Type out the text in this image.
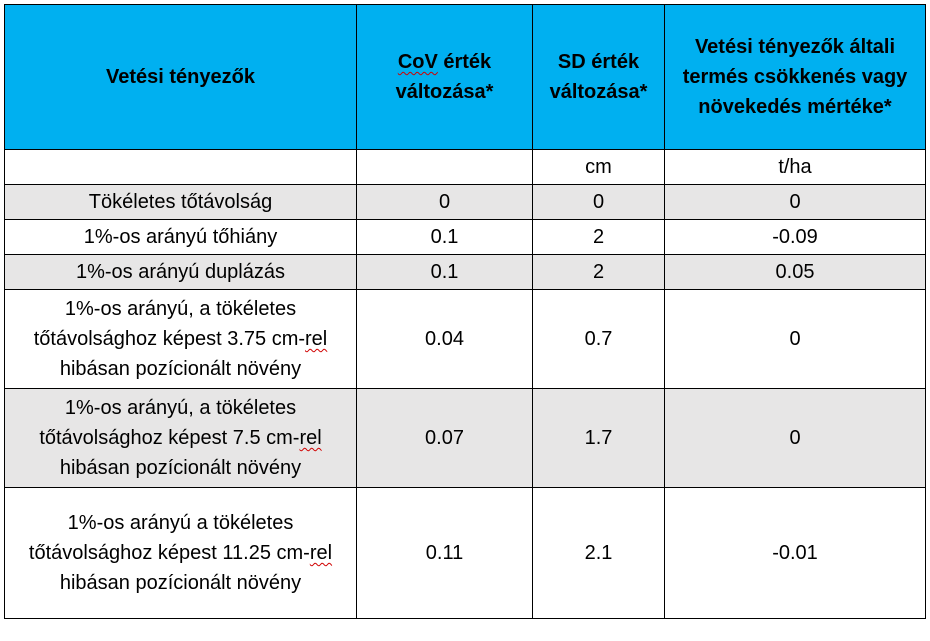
Vetési tényezők	CoV érték változása*	SD érték változása*	Vetési tényezők általi termés csökkenés vagy növekedés mértéke*
		cm	t/ha
Tökéletes tőtávolság	0	0	0
1%-os arányú tőhiány	0.1	2	-0.09
1%-os arányú duplázás	0.1	2	0.05
1%-os arányú, a tökéletes tőtávolsághoz képest 3.75 cm-rel hibásan pozícionált növény	0.04	0.7	0
1%-os arányú, a tökéletes tőtávolsághoz képest 7.5 cm-rel hibásan pozícionált növény	0.07	1.7	0
1%-os arányú a tökéletes tőtávolsághoz képest 11.25 cm-rel hibásan pozícionált növény	0.11	2.1	-0.01
